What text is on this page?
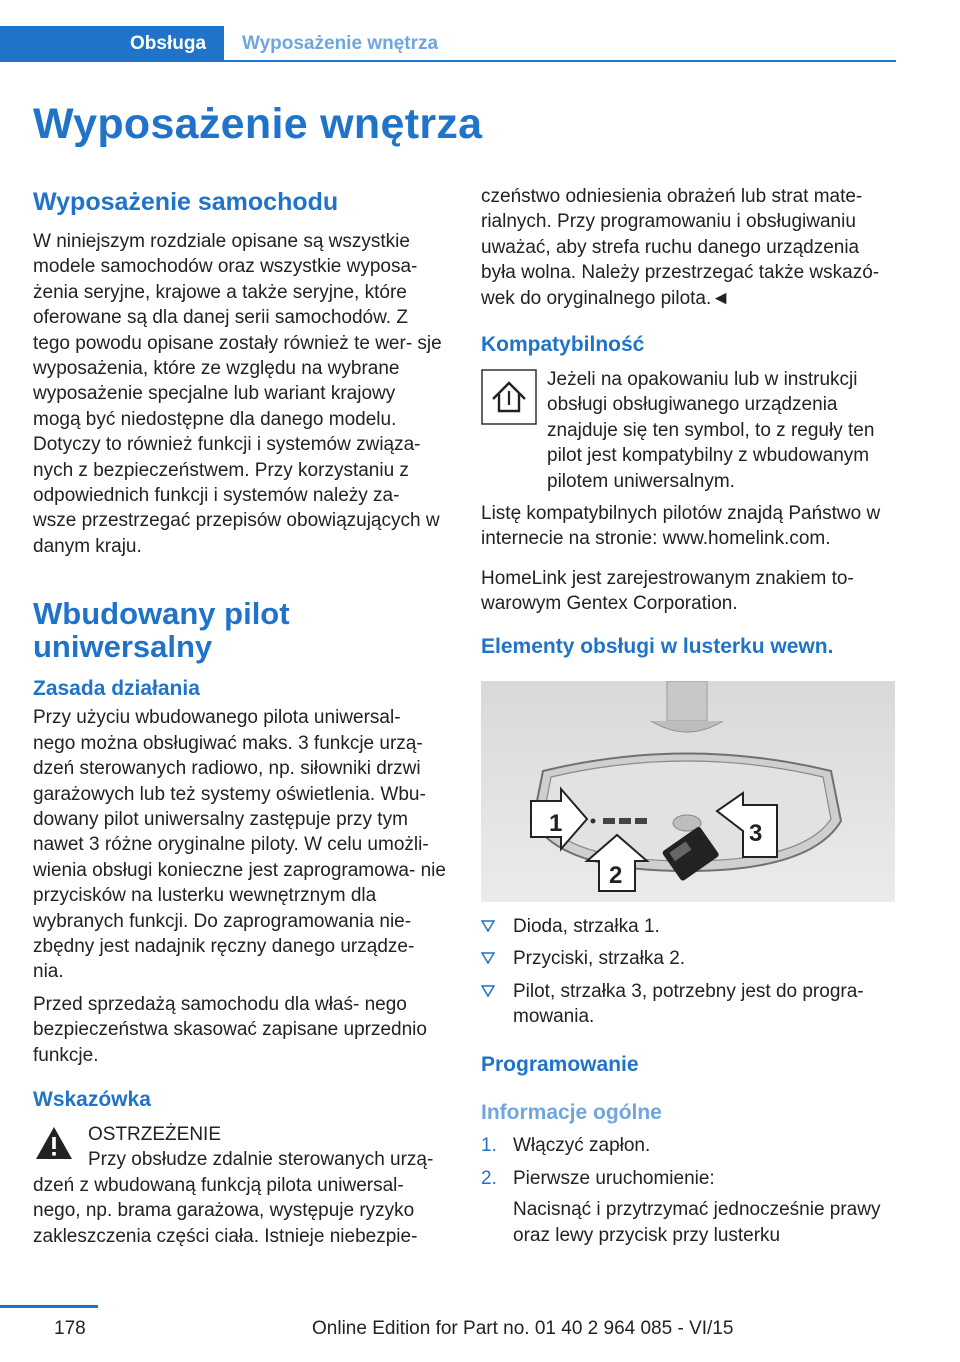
Obsługa	Wyposażenie wnętrza
Wyposażenie wnętrza
Wyposażenie samochodu

W niniejszym rozdziale opisane są wszystkie modele samochodów oraz wszystkie wyposa- żenia seryjne, krajowe a także seryjne, które oferowane są dla danej serii samochodów. Z tego powodu opisane zostały również te wer- sje wyposażenia, które ze względu na wybrane wyposażenie specjalne lub wariant krajowy mogą być niedostępne dla danego modelu. Dotyczy to również funkcji i systemów związa- nych z bezpieczeństwem. Przy korzystaniu z odpowiednich funkcji i systemów należy za- wsze przestrzegać przepisów obowiązujących w danym kraju.

Wbudowany pilot
uniwersalny
Zasada działania

Przy użyciu wbudowanego pilota uniwersal- nego można obsługiwać maks. 3 funkcje urzą- dzeń sterowanych radiowo, np. siłowniki drzwi garażowych lub też systemy oświetlenia. Wbu- dowany pilot uniwersalny zastępuje przy tym nawet 3 różne oryginalne piloty. W celu umożli- wienia obsługi konieczne jest zaprogramowa- nie przycisków na lusterku wewnętrznym dla wybranych funkcji. Do zaprogramowania nie- zbędny jest nadajnik ręczny danego urządze- nia.

Przed sprzedażą samochodu dla właś- nego bezpieczeństwa skasować zapisane uprzednio funkcje.

Wskazówka

OSTRZEŻENIE

Przy obsłudze zdalnie sterowanych urzą- dzeń z wbudowaną funkcją pilota uniwersal- nego, np. brama garażowa, występuje ryzyko zakleszczenia części ciała. Istnieje niebezpie-

czeństwo odniesienia obrażeń lub strat mate- rialnych. Przy programowaniu i obsługiwaniu uważać, aby strefa ruchu danego urządzenia była wolna. Należy przestrzegać także wskazó- wek do oryginalnego pilota.◄

Kompatybilność

Jeżeli na opakowaniu lub w instrukcji obsługi obsługiwanego urządzenia znajduje się ten symbol, to z reguły ten pilot jest kompatybilny z wbudowanym pilotem uniwersalnym.

Listę kompatybilnych pilotów znajdą Państwo w internecie na stronie: www.homelink.com.

HomeLink jest zarejestrowanym znakiem to- warowym Gentex Corporation.

Elementy obsługi w lusterku wewn.
1
2
3
Dioda, strzałka 1.
Przyciski, strzałka 2.
Pilot, strzałka 3, potrzebny jest do progra- mowania.
Programowanie
Informacje ogólne
1. Włączyć zapłon.
2. Pierwsze uruchomienie:
Nacisnąć i przytrzymać jednocześnie prawy oraz lewy przycisk przy lusterku
178	Online Edition for Part no. 01 40 2 964 085 - VI/15
